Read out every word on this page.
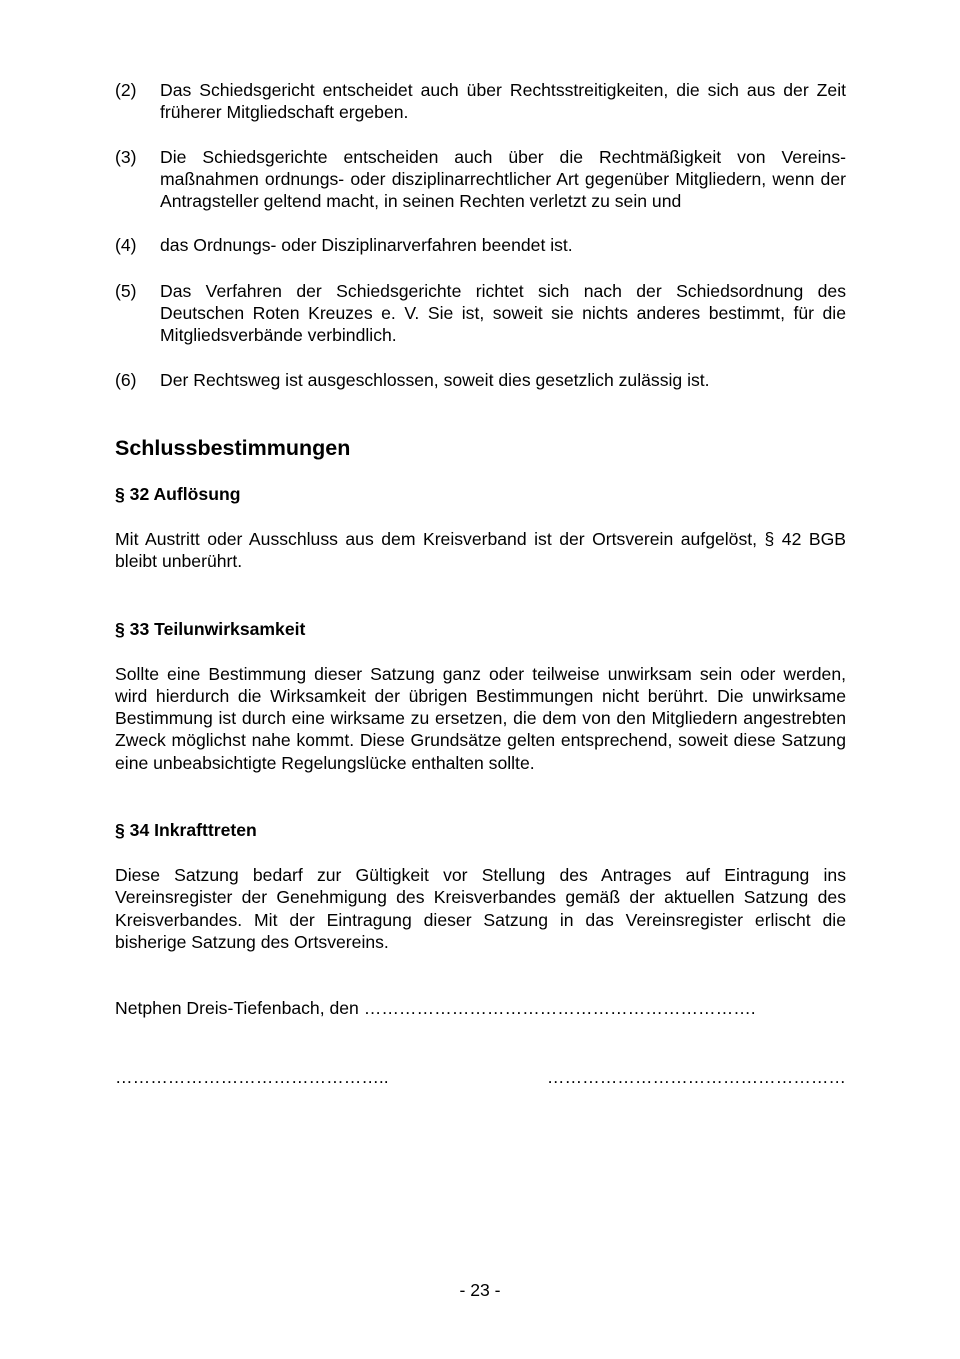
(2)	Das Schiedsgericht entscheidet auch über Rechtsstreitigkeiten, die sich aus der Zeit früherer Mitgliedschaft ergeben.
(3)	Die Schiedsgerichte entscheiden auch über die Rechtmäßigkeit von Vereinsmaßnahmen ordnungs- oder disziplinarrechtlicher Art gegenüber Mitgliedern, wenn der Antragsteller geltend macht, in seinen Rechten verletzt zu sein und
(4)	das Ordnungs- oder Disziplinarverfahren beendet ist.
(5)	Das Verfahren der Schiedsgerichte richtet sich nach der Schiedsordnung des Deutschen Roten Kreuzes e. V. Sie ist, soweit sie nichts anderes bestimmt, für die Mitgliedsverbände verbindlich.
(6)	Der Rechtsweg ist ausgeschlossen, soweit dies gesetzlich zulässig ist.
Schlussbestimmungen
§ 32 Auflösung

Mit Austritt oder Ausschluss aus dem Kreisverband ist der Ortsverein aufgelöst, § 42 BGB bleibt unberührt.

§ 33 Teilunwirksamkeit

Sollte eine Bestimmung dieser Satzung ganz oder teilweise unwirksam sein oder werden, wird hierdurch die Wirksamkeit der übrigen Bestimmungen nicht berührt. Die unwirksame Bestimmung ist durch eine wirksame zu ersetzen, die dem von den Mitgliedern angestrebten Zweck möglichst nahe kommt. Diese Grundsätze gelten entsprechend, soweit diese Satzung eine unbeabsichtigte Regelungslücke enthalten sollte.

§ 34 Inkrafttreten

Diese Satzung bedarf zur Gültigkeit vor Stellung des Antrages auf Eintragung ins Vereinsregister der Genehmigung des Kreisverbandes gemäß der aktuellen Satzung des Kreisverbandes. Mit der Eintragung dieser Satzung in das Vereinsregister erlischt die bisherige Satzung des Ortsvereins.

Netphen Dreis-Tiefenbach, den ………………………………………………………….

………………………………………..	……………………………………………
- 23 -
